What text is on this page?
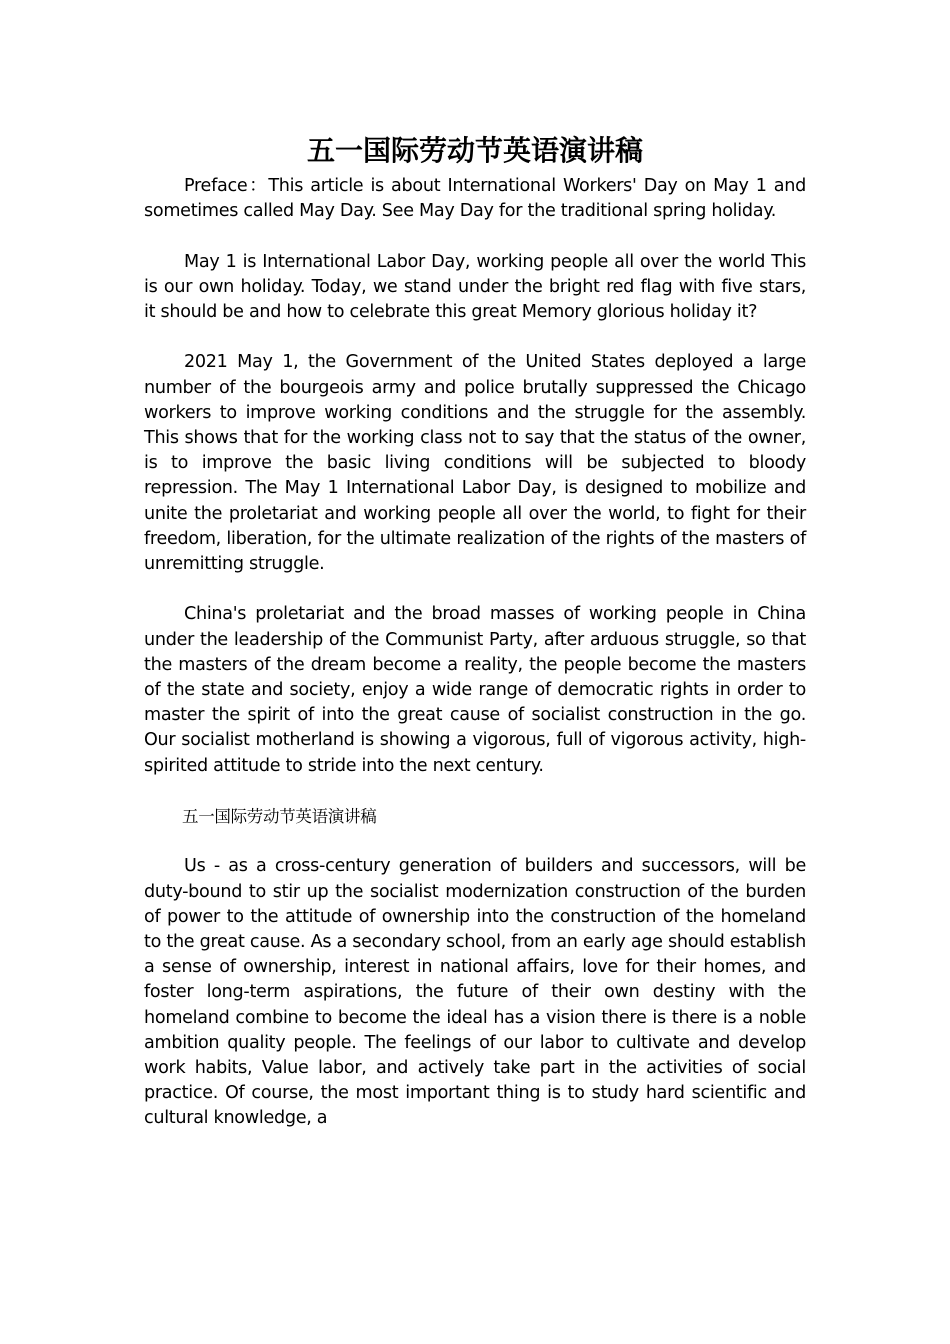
五一国际劳动节英语演讲稿

Preface：This article is about International Workers' Day on May 1 and sometimes called May Day. See May Day for the traditional spring holiday.

May 1 is International Labor Day, working people all over the world This is our own holiday. Today, we stand under the bright red flag with five stars, it should be and how to celebrate this great Memory glorious holiday it?

2021 May 1, the Government of the United States deployed a large number of the bourgeois army and police brutally suppressed the Chicago workers to improve working conditions and the struggle for the assembly. This shows that for the working class not to say that the status of the owner, is to improve the basic living conditions will be subjected to bloody repression. The May 1 International Labor Day, is designed to mobilize and unite the proletariat and working people all over the world, to fight for their freedom, liberation, for the ultimate realization of the rights of the masters of unremitting struggle.

China's proletariat and the broad masses of working people in China under the leadership of the Communist Party, after arduous struggle, so that the masters of the dream become a reality, the people become the masters of the state and society, enjoy a wide range of democratic rights in order to master the spirit of into the great cause of socialist construction in the go. Our socialist motherland is showing a vigorous, full of vigorous activity, high-spirited attitude to stride into the next century.

五一国际劳动节英语演讲稿

Us - as a cross-century generation of builders and successors, will be duty-bound to stir up the socialist modernization construction of the burden of power to the attitude of ownership into the construction of the homeland to the great cause. As a secondary school, from an early age should establish a sense of ownership, interest in national affairs, love for their homes, and foster long-term aspirations, the future of their own destiny with the homeland combine to become the ideal has a vision there is there is a noble ambition quality people. The feelings of our labor to cultivate and develop work habits, Value labor, and actively take part in the activities of social practice. Of course, the most important thing is to study hard scientific and cultural knowledge, a
